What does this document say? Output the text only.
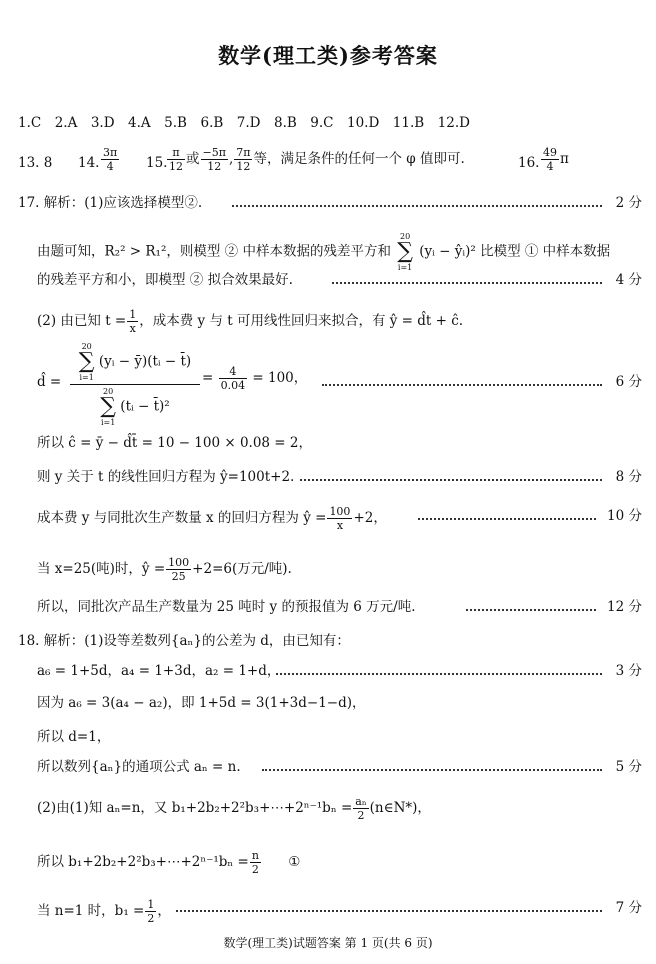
数学(理工类)参考答案
1.C　2.A　3.D　4.A　5.B　6.B　7.D　8.B　9.C　10.D　11.B　12.D
13. 8 14. $\frac{3\pi}{4} 15$. $\frac{\pi}{12}$ 或 $\frac{-5\pi}{12}$ , $\frac{7\pi}{12}$ 等，满足条件的任何一个 φ 值即可.	16. $\frac{49}{4}$ π
17. 解析：(1)应该选择模型②.	2 分
由题可知，R₂² > R₁²，则模型 ② 中样本数据的残差平方和
20
∑
i=1
(yᵢ − ŷᵢ)² 比模型 ① 中样本数据
的残差平方和小，即模型 ② 拟合效果最好.	4 分
(2) 由已知 $t = \frac{1}{x}$ ，成本费 y 与 t 可用线性回归来拟合，有 ŷ = d̂t + ĉ.
d̂ =
20
∑
i=1
(yᵢ − ȳ)(tᵢ − t̄)
20
∑
i=1
(tᵢ − t̄)²
= $\frac{4}{0.04} = 100$，	6 分
所以 ĉ = ȳ − d̂t̄ = 10 − 100 × 0.08 = 2，
则 y 关于 t 的线性回归方程为 ŷ=100t+2.	8 分
成本费 y 与同批次生产数量 x 的回归方程为 ŷ = $\frac{100}{x} +2$，	10 分
当 x=25(吨)时，ŷ = $\frac{100}{25} +2=6$(万元/吨).
所以，同批次产品生产数量为 25 吨时 y 的预报值为 6 万元/吨.	12 分
18. 解析：(1)设等差数列{aₙ}的公差为 d，由已知有：
a₆ = 1+5d，a₄ = 1+3d，a₂ = 1+d，	3 分
因为 a₆ = 3(a₄ − a₂)，即 1+5d = 3(1+3d−1−d)，
所以 d=1，
所以数列{aₙ}的通项公式 aₙ = n.	5 分
(2)由(1)知 aₙ=n，又 b₁+2b₂+2²b₃+⋯+2ⁿ⁻¹bₙ = $\frac{\text{aₙ}}{2}$ (n∈N*)，
所以 b₁+2b₂+2²b₃+⋯+2ⁿ⁻¹bₙ = $\frac{n}{2}$ ①
当 n=1 时，$b_1 = \frac{1}{2}$ ，	7 分
数学(理工类)试题答案 第 1 页(共 6 页)
